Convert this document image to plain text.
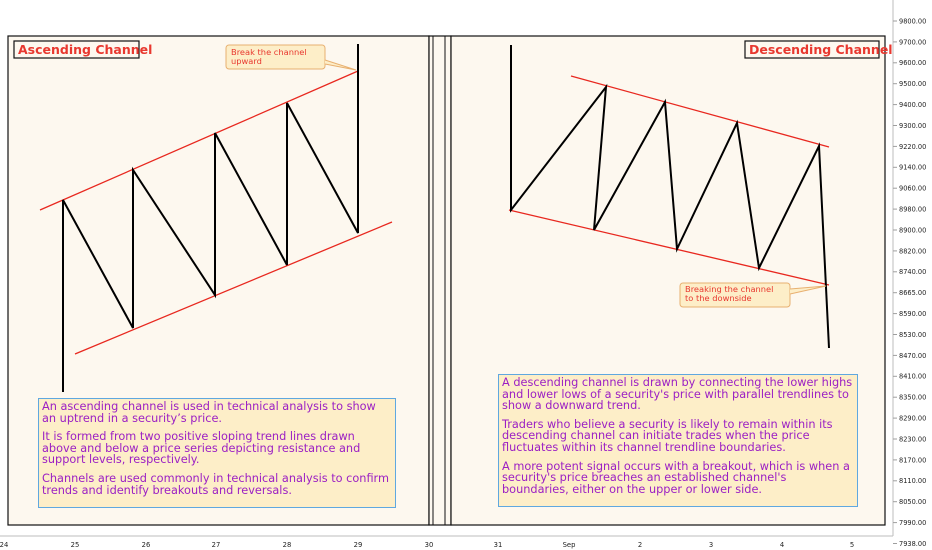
9800.00
9700.00
9600.00
9500.00
9400.00
9300.00
9220.00
9140.00
9060.00
8980.00
8900.00
8820.00
8740.00
8665.00
8590.00
8530.00
8470.00
8410.00
8350.00
8290.00
8230.00
8170.00
8110.00
8050.00
7990.00
7938.00
24	25	26	27	28	29	30	31	Sep	2	3	4	5
Ascending Channel	Descending Channel
Break the channel
upward
Breaking the channel
to the downside

An ascending channel is used in technical analysis to show an uptrend in a security’s price.

It is formed from two positive sloping trend lines drawn above and below a price series depicting resistance and support levels, respectively.

Channels are used commonly in technical analysis to confirm trends and identify breakouts and reversals.

A descending channel is drawn by connecting the lower highs and lower lows of a security's price with parallel trendlines to show a downward trend.

Traders who believe a security is likely to remain within its descending channel can initiate trades when the price fluctuates within its channel trendline boundaries.

A more potent signal occurs with a breakout, which is when a security's price breaches an established channel's boundaries, either on the upper or lower side.
